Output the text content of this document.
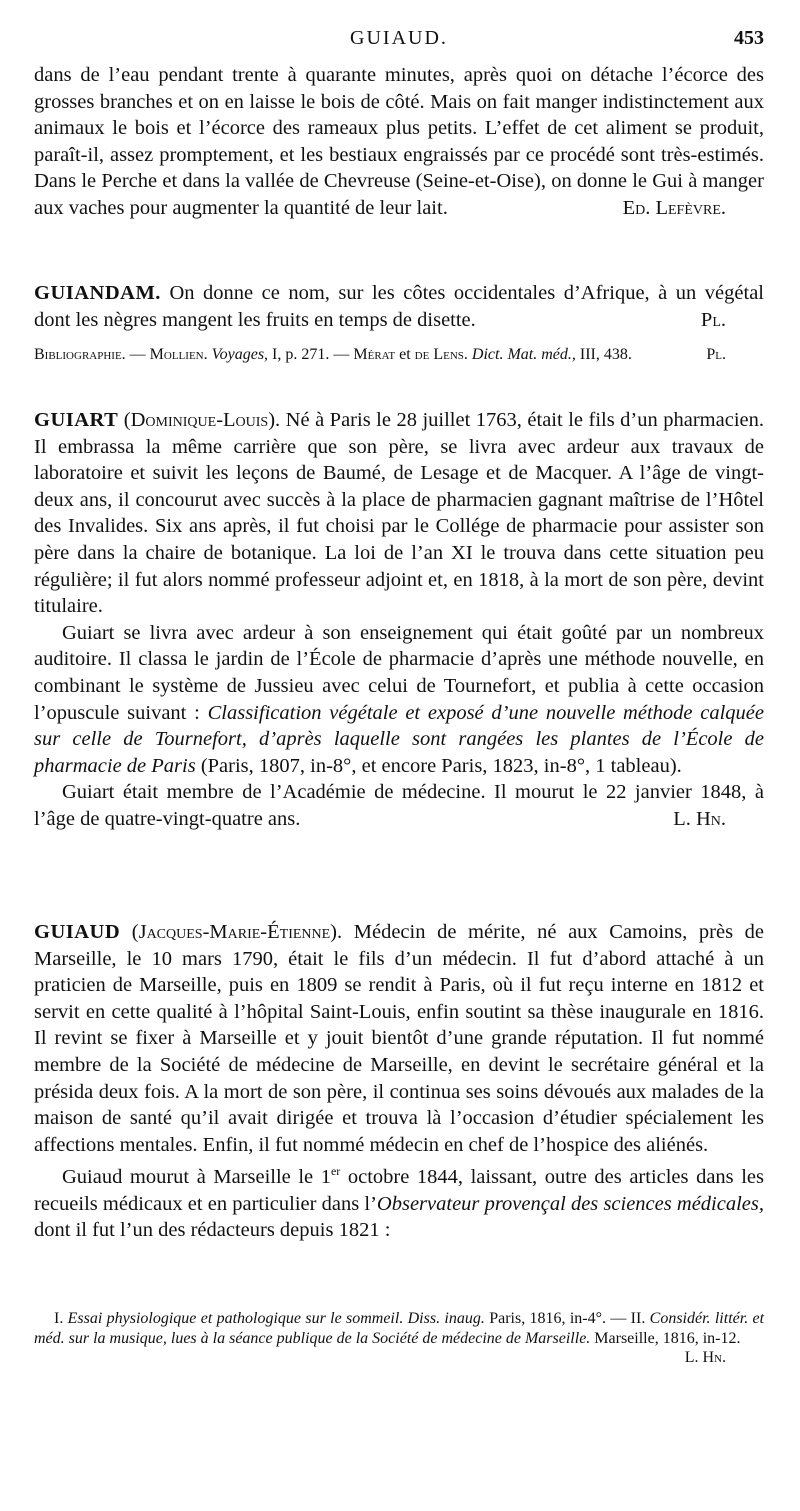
GUIAUD.	453

dans de l’eau pendant trente à quarante minutes, après quoi on détache l’écorce des grosses branches et on en laisse le bois de côté. Mais on fait manger indistinctement aux animaux le bois et l’écorce des rameaux plus petits. L’effet de cet aliment se produit, paraît-il, assez promptement, et les bestiaux engraissés par ce procédé sont très-estimés. Dans le Perche et dans la vallée de Chevreuse (Seine-et-Oise), on donne le Gui à manger aux vaches pour augmenter la quantité de leur lait.	Ed. Lefèvre.

GUIANDAM. On donne ce nom, sur les côtes occidentales d’Afrique, à un végétal dont les nègres mangent les fruits en temps de disette.	Pl.

Bibliographie. — Mollien. Voyages, I, p. 271. — Mérat et de Lens. Dict. Mat. méd., III, 438.	Pl.

GUIART (Dominique-Louis). Né à Paris le 28 juillet 1763, était le fils d’un pharmacien. Il embrassa la même carrière que son père, se livra avec ardeur aux travaux de laboratoire et suivit les leçons de Baumé, de Lesage et de Macquer. A l’âge de vingt-deux ans, il concourut avec succès à la place de pharmacien gagnant maîtrise de l’Hôtel des Invalides. Six ans après, il fut choisi par le Collége de pharmacie pour assister son père dans la chaire de botanique. La loi de l’an XI le trouva dans cette situation peu régulière; il fut alors nommé professeur adjoint et, en 1818, à la mort de son père, devint titulaire.

Guiart se livra avec ardeur à son enseignement qui était goûté par un nombreux auditoire. Il classa le jardin de l’École de pharmacie d’après une méthode nouvelle, en combinant le système de Jussieu avec celui de Tournefort, et publia à cette occasion l’opuscule suivant : Classification végétale et exposé d’une nouvelle méthode calquée sur celle de Tournefort, d’après laquelle sont rangées les plantes de l’École de pharmacie de Paris (Paris, 1807, in-8°, et encore Paris, 1823, in-8°, 1 tableau).

Guiart était membre de l’Académie de médecine. Il mourut le 22 janvier 1848, à l’âge de quatre-vingt-quatre ans.	L. Hn.

GUIAUD (Jacques-Marie-Étienne). Médecin de mérite, né aux Camoins, près de Marseille, le 10 mars 1790, était le fils d’un médecin. Il fut d’abord attaché à un praticien de Marseille, puis en 1809 se rendit à Paris, où il fut reçu interne en 1812 et servit en cette qualité à l’hôpital Saint-Louis, enfin soutint sa thèse inaugurale en 1816. Il revint se fixer à Marseille et y jouit bientôt d’une grande réputation. Il fut nommé membre de la Société de médecine de Marseille, en devint le secrétaire général et la présida deux fois. A la mort de son père, il continua ses soins dévoués aux malades de la maison de santé qu’il avait dirigée et trouva là l’occasion d’étudier spécialement les affections mentales. Enfin, il fut nommé médecin en chef de l’hospice des aliénés.

Guiaud mourut à Marseille le 1er octobre 1844, laissant, outre des articles dans les recueils médicaux et en particulier dans l’Observateur provençal des sciences médicales, dont il fut l’un des rédacteurs depuis 1821 :

I. Essai physiologique et pathologique sur le sommeil. Diss. inaug. Paris, 1816, in-4°. — II. Considér. littér. et méd. sur la musique, lues à la séance publique de la Société de médecine de Marseille. Marseille, 1816, in-12.
L. Hn.
